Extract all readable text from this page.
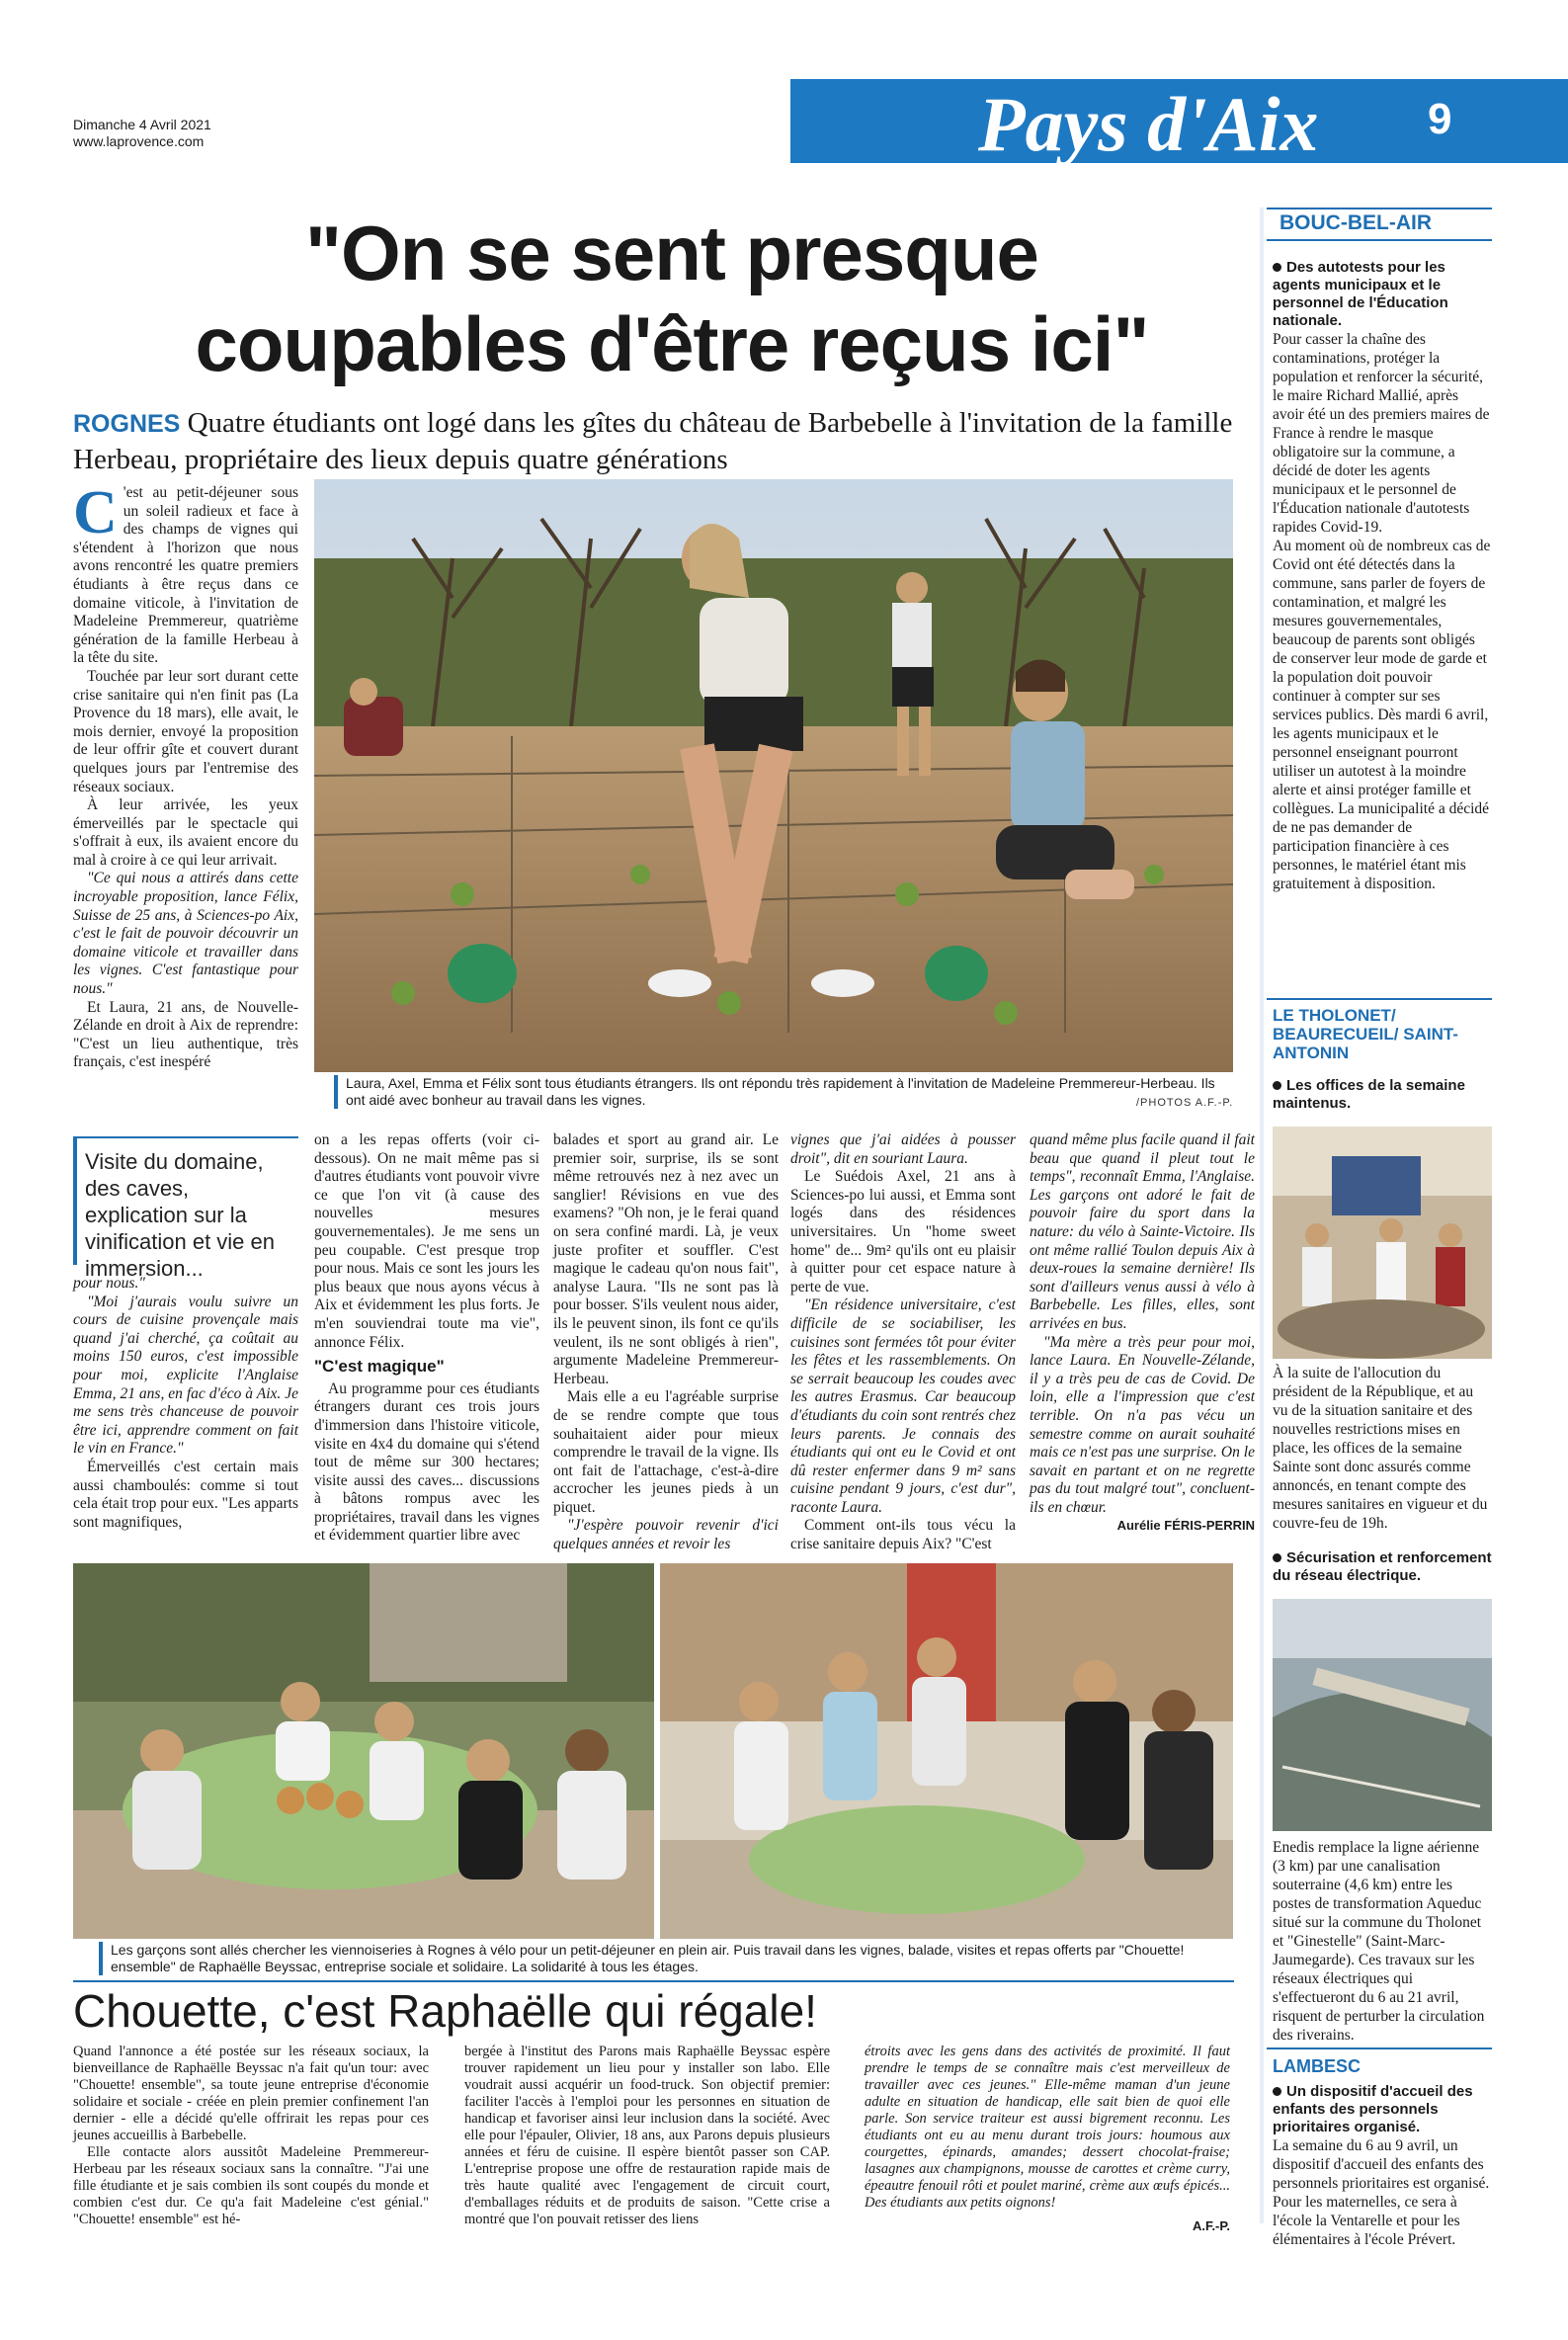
Dimanche 4 Avril 2021
www.laprovence.com	Pays d'Aix	9
"On se sent presque
coupables d'être reçus ici"
ROGNES Quatre étudiants ont logé dans les gîtes du château de Barbebelle à l'invitation de la famille Herbeau, propriétaire des lieux depuis quatre générations

C 'est au petit-déjeuner sous un soleil radieux et face à des champs de vignes qui s'étendent à l'horizon que nous avons rencontré les quatre premiers étudiants à être reçus dans ce domaine viticole, à l'invitation de Madeleine Premmereur, quatrième génération de la famille Herbeau à la tête du site.

Touchée par leur sort durant cette crise sanitaire qui n'en finit pas (La Provence du 18 mars), elle avait, le mois dernier, envoyé la proposition de leur offrir gîte et couvert durant quelques jours par l'entremise des réseaux sociaux.

À leur arrivée, les yeux émerveillés par le spectacle qui s'offrait à eux, ils avaient encore du mal à croire à ce qui leur arrivait.

"Ce qui nous a attirés dans cette incroyable proposition, lance Félix, Suisse de 25 ans, à Sciences-po Aix, c'est le fait de pouvoir découvrir un domaine viticole et travailler dans les vignes. C'est fantastique pour nous."

Et Laura, 21 ans, de Nouvelle-Zélande en droit à Aix de reprendre: "C'est un lieu authentique, très français, c'est inespéré

Laura, Axel, Emma et Félix sont tous étudiants étrangers. Ils ont répondu très rapidement à l'invitation de Madeleine Premmereur-Herbeau. Ils ont aidé avec bonheur au travail dans les vignes.	/PHOTOS A.F.-P.
Visite du domaine, des caves, explication sur la vinification et vie en immersion...

pour nous."

"Moi j'aurais voulu suivre un cours de cuisine provençale mais quand j'ai cherché, ça coûtait au moins 150 euros, c'est impossible pour moi, explicite l'Anglaise Emma, 21 ans, en fac d'éco à Aix. Je me sens très chanceuse de pouvoir être ici, apprendre comment on fait le vin en France."

Émerveillés c'est certain mais aussi chamboulés: comme si tout cela était trop pour eux. "Les apparts sont magnifiques,

on a les repas offerts (voir ci-dessous). On ne mait même pas si d'autres étudiants vont pouvoir vivre ce que l'on vit (à cause des nouvelles mesures gouvernementales). Je me sens un peu coupable. C'est presque trop pour nous. Mais ce sont les jours les plus beaux que nous ayons vécus à Aix et évidemment les plus forts. Je m'en souviendrai toute ma vie", annonce Félix.

"C'est magique"

Au programme pour ces étudiants étrangers durant ces trois jours d'immersion dans l'histoire viticole, visite en 4x4 du domaine qui s'étend tout de même sur 300 hectares; visite aussi des caves... discussions à bâtons rompus avec les propriétaires, travail dans les vignes et évidemment quartier libre avec

balades et sport au grand air. Le premier soir, surprise, ils se sont même retrouvés nez à nez avec un sanglier! Révisions en vue des examens? "Oh non, je le ferai quand on sera confiné mardi. Là, je veux juste profiter et souffler. C'est magique le cadeau qu'on nous fait", analyse Laura. "Ils ne sont pas là pour bosser. S'ils veulent nous aider, ils le peuvent sinon, ils font ce qu'ils veulent, ils ne sont obligés à rien", argumente Madeleine Premmereur-Herbeau.

Mais elle a eu l'agréable surprise de se rendre compte que tous souhaitaient aider pour mieux comprendre le travail de la vigne. Ils ont fait de l'attachage, c'est-à-dire accrocher les jeunes pieds à un piquet.

"J'espère pouvoir revenir d'ici quelques années et revoir les

vignes que j'ai aidées à pousser droit", dit en souriant Laura.

Le Suédois Axel, 21 ans à Sciences-po lui aussi, et Emma sont logés dans des résidences universitaires. Un "home sweet home" de... 9m² qu'ils ont eu plaisir à quitter pour cet espace nature à perte de vue.

"En résidence universitaire, c'est difficile de se sociabiliser, les cuisines sont fermées tôt pour éviter les fêtes et les rassemblements. On se serrait beaucoup les coudes avec les autres Erasmus. Car beaucoup d'étudiants du coin sont rentrés chez leurs parents. Je connais des étudiants qui ont eu le Covid et ont dû rester enfermer dans 9 m² sans cuisine pendant 9 jours, c'est dur", raconte Laura.

Comment ont-ils tous vécu la crise sanitaire depuis Aix? "C'est

quand même plus facile quand il fait beau que quand il pleut tout le temps", reconnaît Emma, l'Anglaise. Les garçons ont adoré le fait de pouvoir faire du sport dans la nature: du vélo à Sainte-Victoire. Ils ont même rallié Toulon depuis Aix à deux-roues la semaine dernière! Ils sont d'ailleurs venus aussi à vélo à Barbebelle. Les filles, elles, sont arrivées en bus.

"Ma mère a très peur pour moi, lance Laura. En Nouvelle-Zélande, il y a très peu de cas de Covid. De loin, elle a l'impression que c'est terrible. On n'a pas vécu un semestre comme on aurait souhaité mais ce n'est pas une surprise. On le savait en partant et on ne regrette pas du tout malgré tout", concluent-ils en chœur.

Aurélie FÉRIS-PERRIN
Les garçons sont allés chercher les viennoiseries à Rognes à vélo pour un petit-déjeuner en plein air. Puis travail dans les vignes, balade, visites et repas offerts par "Chouette! ensemble" de Raphaëlle Beyssac, entreprise sociale et solidaire. La solidarité à tous les étages.
Chouette, c'est Raphaëlle qui régale!

Quand l'annonce a été postée sur les réseaux sociaux, la bienveillance de Raphaëlle Beyssac n'a fait qu'un tour: avec "Chouette! ensemble", sa toute jeune entreprise d'économie solidaire et sociale - créée en plein premier confinement l'an dernier - elle a décidé qu'elle offrirait les repas pour ces jeunes accueillis à Barbebelle.

Elle contacte alors aussitôt Madeleine Premmereur-Herbeau par les réseaux sociaux sans la connaître. "J'ai une fille étudiante et je sais combien ils sont coupés du monde et combien c'est dur. Ce qu'a fait Madeleine c'est génial." "Chouette! ensemble" est hé-

bergée à l'institut des Parons mais Raphaëlle Beyssac espère trouver rapidement un lieu pour y installer son labo. Elle voudrait aussi acquérir un food-truck. Son objectif premier: faciliter l'accès à l'emploi pour les personnes en situation de handicap et favoriser ainsi leur inclusion dans la société. Avec elle pour l'épauler, Olivier, 18 ans, aux Parons depuis plusieurs années et féru de cuisine. Il espère bientôt passer son CAP. L'entreprise propose une offre de restauration rapide mais de très haute qualité avec l'engagement de circuit court, d'emballages réduits et de produits de saison. "Cette crise a montré que l'on pouvait retisser des liens

étroits avec les gens dans des activités de proximité. Il faut prendre le temps de se connaître mais c'est merveilleux de travailler avec ces jeunes." Elle-même maman d'un jeune adulte en situation de handicap, elle sait bien de quoi elle parle. Son service traiteur est aussi bigrement reconnu. Les étudiants ont eu au menu durant trois jours: houmous aux courgettes, épinards, amandes; dessert chocolat-fraise; lasagnes aux champignons, mousse de carottes et crème curry, épeautre fenouil rôti et poulet mariné, crème aux œufs épicés... Des étudiants aux petits oignons!

A.F.-P.
BOUC-BEL-AIR
Des autotests pour les agents municipaux et le personnel de l'Éducation nationale.
Pour casser la chaîne des contaminations, protéger la population et renforcer la sécurité, le maire Richard Mallié, après avoir été un des premiers maires de France à rendre le masque obligatoire sur la commune, a décidé de doter les agents municipaux et le personnel de l'Éducation nationale d'autotests rapides Covid-19.
Au moment où de nombreux cas de Covid ont été détectés dans la commune, sans parler de foyers de contamination, et malgré les mesures gouvernementales, beaucoup de parents sont obligés de conserver leur mode de garde et la population doit pouvoir continuer à compter sur ses services publics. Dès mardi 6 avril, les agents municipaux et le personnel enseignant pourront utiliser un autotest à la moindre alerte et ainsi protéger famille et collègues. La municipalité a décidé de ne pas demander de participation financière à ces personnes, le matériel étant mis gratuitement à disposition.
LE THOLONET/ BEAURECUEIL/ SAINT-ANTONIN
Les offices de la semaine maintenus.
À la suite de l'allocution du président de la République, et au vu de la situation sanitaire et des nouvelles restrictions mises en place, les offices de la semaine Sainte sont donc assurés comme annoncés, en tenant compte des mesures sanitaires en vigueur et du couvre-feu de 19h.
Sécurisation et renforcement du réseau électrique.
Enedis remplace la ligne aérienne (3 km) par une canalisation souterraine (4,6 km) entre les postes de transformation Aqueduc situé sur la commune du Tholonet et "Ginestelle" (Saint-Marc-Jaumegarde). Ces travaux sur les réseaux électriques qui s'effectueront du 6 au 21 avril, risquent de perturber la circulation des riverains.
LAMBESC
Un dispositif d'accueil des enfants des personnels prioritaires organisé.
La semaine du 6 au 9 avril, un dispositif d'accueil des enfants des personnels prioritaires est organisé. Pour les maternelles, ce sera à l'école la Ventarelle et pour les élémentaires à l'école Prévert.
